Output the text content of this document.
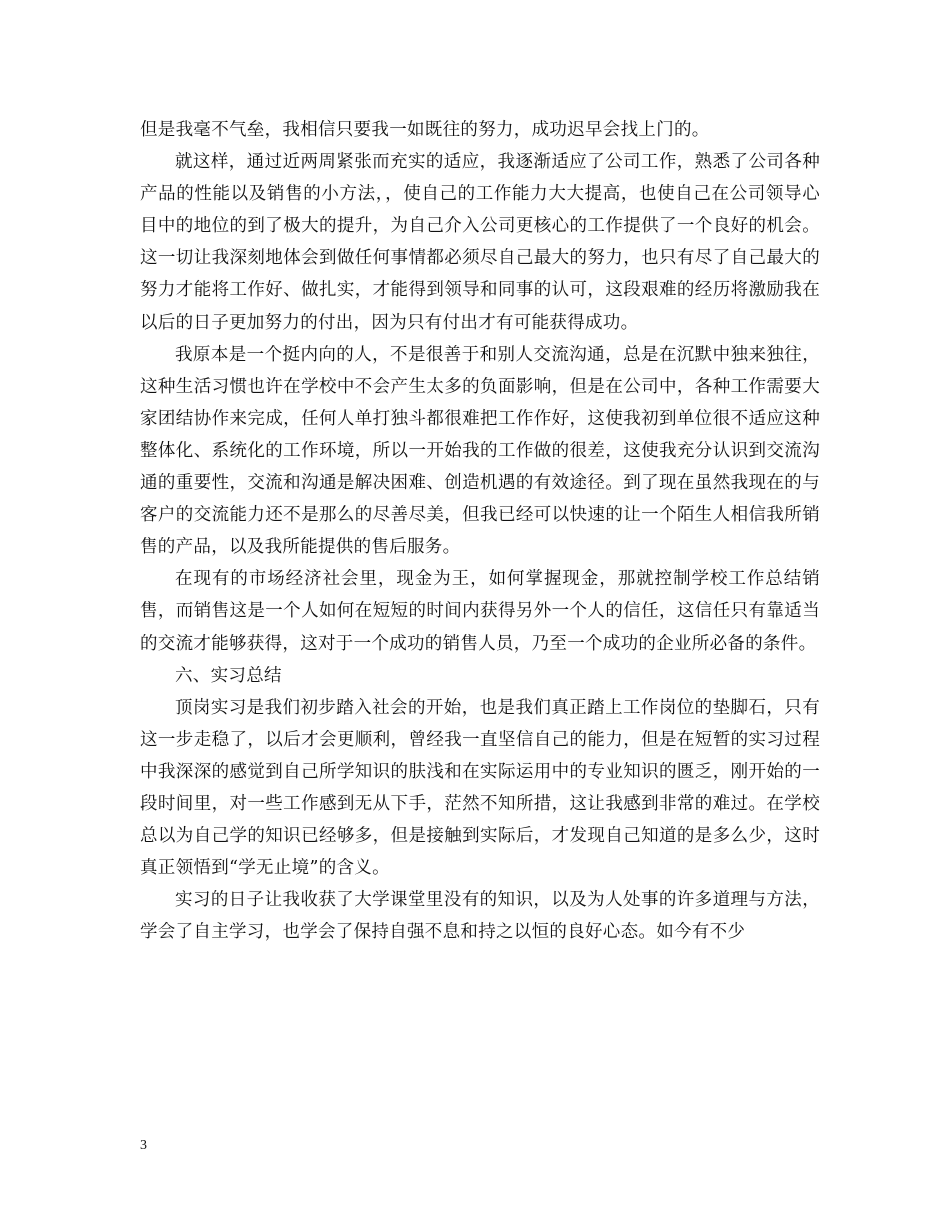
但是我毫不气垒，我相信只要我一如既往的努力，成功迟早会找上门的。

就这样，通过近两周紧张而充实的适应，我逐渐适应了公司工作，熟悉了公司各种产品的性能以及销售的小方法，，使自己的工作能力大大提高，也使自己在公司领导心目中的地位的到了极大的提升，为自己介入公司更核心的工作提供了一个良好的机会。这一切让我深刻地体会到做任何事情都必须尽自己最大的努力，也只有尽了自己最大的努力才能将工作好、做扎实，才能得到领导和同事的认可，这段艰难的经历将激励我在以后的日子更加努力的付出，因为只有付出才有可能获得成功。

我原本是一个挺内向的人，不是很善于和别人交流沟通，总是在沉默中独来独往，这种生活习惯也许在学校中不会产生太多的负面影响，但是在公司中，各种工作需要大家团结协作来完成，任何人单打独斗都很难把工作作好，这使我初到单位很不适应这种整体化、系统化的工作环境，所以一开始我的工作做的很差，这使我充分认识到交流沟通的重要性，交流和沟通是解决困难、创造机遇的有效途径。到了现在虽然我现在的与客户的交流能力还不是那么的尽善尽美，但我已经可以快速的让一个陌生人相信我所销售的产品，以及我所能提供的售后服务。

在现有的市场经济社会里，现金为王，如何掌握现金，那就控制学校工作总结销售，而销售这是一个人如何在短短的时间内获得另外一个人的信任，这信任只有靠适当的交流才能够获得，这对于一个成功的销售人员，乃至一个成功的企业所必备的条件。

六、实习总结

顶岗实习是我们初步踏入社会的开始，也是我们真正踏上工作岗位的垫脚石，只有这一步走稳了，以后才会更顺利，曾经我一直坚信自己的能力，但是在短暂的实习过程中我深深的感觉到自己所学知识的肤浅和在实际运用中的专业知识的匮乏，刚开始的一段时间里，对一些工作感到无从下手，茫然不知所措，这让我感到非常的难过。在学校总以为自己学的知识已经够多，但是接触到实际后，才发现自己知道的是多么少，这时真正领悟到“学无止境”的含义。

实习的日子让我收获了大学课堂里没有的知识，以及为人处事的许多道理与方法，学会了自主学习，也学会了保持自强不息和持之以恒的良好心态。如今有不少

3
